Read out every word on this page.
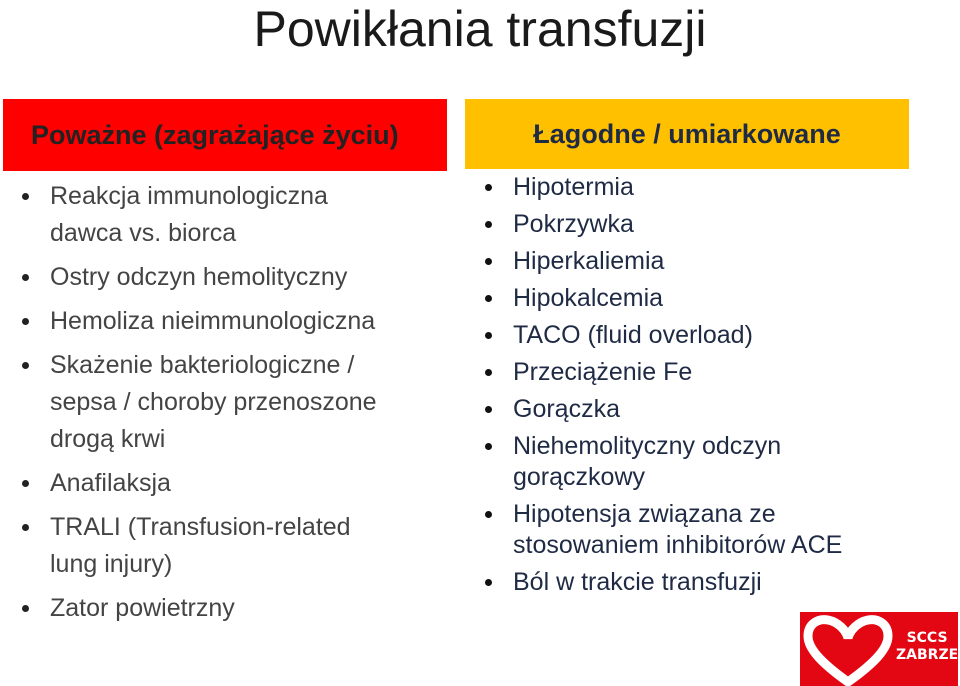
Powikłania transfuzji
Poważne (zagrażające życiu)
Reakcja immunologiczna dawca vs. biorca
Ostry odczyn hemolityczny
Hemoliza nieimmunologiczna
Skażenie bakteriologiczne / sepsa / choroby przenoszone drogą krwi
Anafilaksja
TRALI (Transfusion-related lung injury)
Zator powietrzny
Łagodne / umiarkowane
Hipotermia
Pokrzywka
Hiperkaliemia
Hipokalcemia
TACO (fluid overload)
Przeciążenie Fe
Gorączka
Niehemolityczny odczyn gorączkowy
Hipotensja związana ze stosowaniem inhibitorów ACE
Ból w trakcie transfuzji
SCCS
ZABRZE
